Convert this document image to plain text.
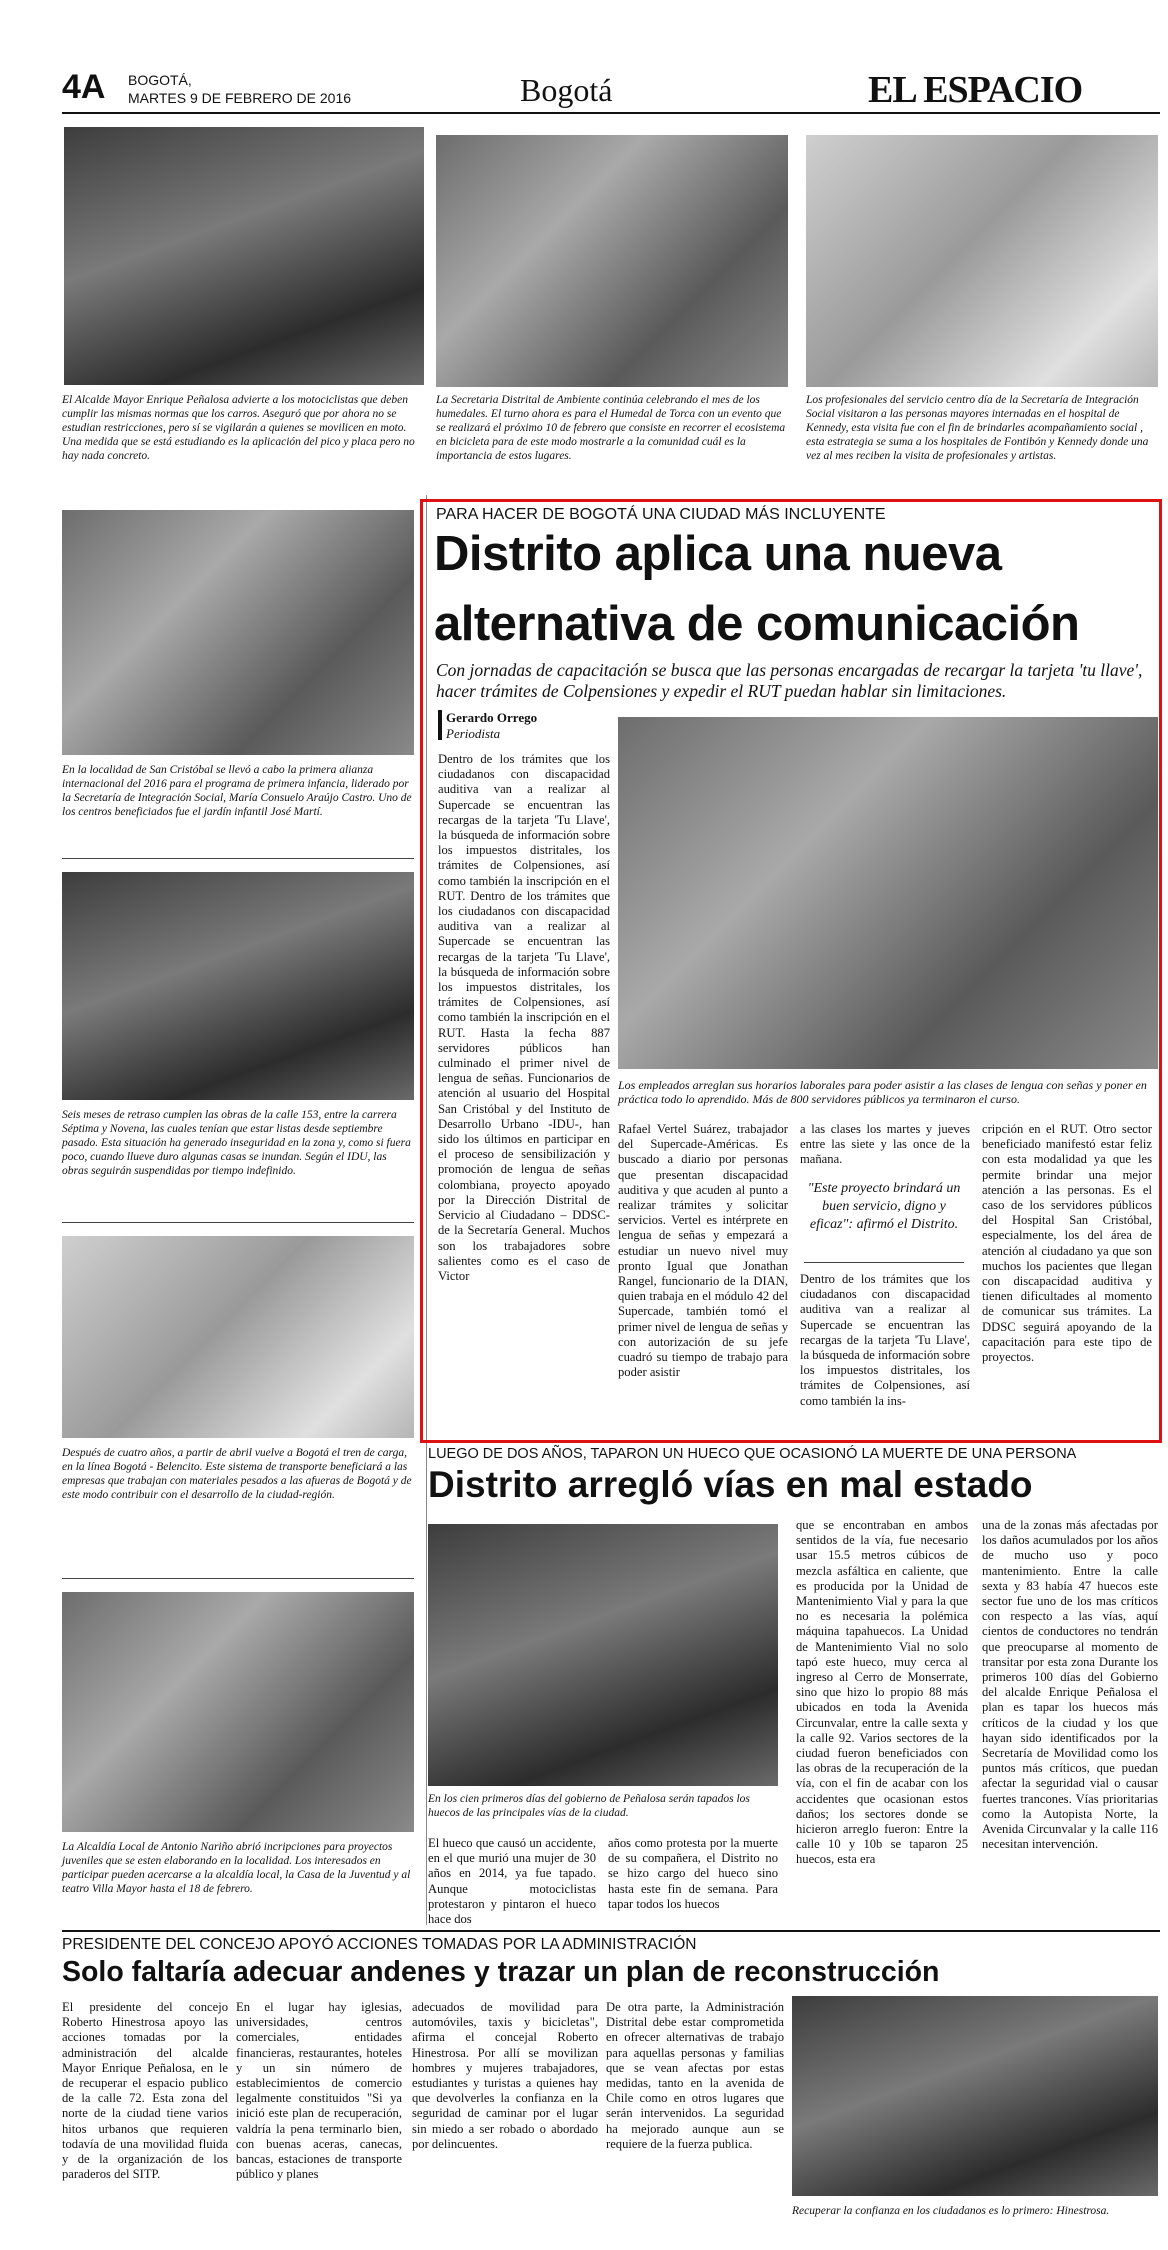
4A BOGOTÁ,
MARTES 9 DE FEBRERO DE 2016	Bogotá	EL ESPACIO

El Alcalde Mayor Enrique Peñalosa advierte a los motociclistas que deben cumplir las mismas normas que los carros. Aseguró que por ahora no se estudian restricciones, pero sí se vigilarán a quienes se movilicen en moto. Una medida que se está estudiando es la aplicación del pico y placa pero no hay nada concreto.

La Secretaria Distrital de Ambiente continúa celebrando el mes de los humedales. El turno ahora es para el Humedal de Torca con un evento que se realizará el próximo 10 de febrero que consiste en recorrer el ecosistema en bicicleta para de este modo mostrarle a la comunidad cuál es la importancia de estos lugares.

Los profesionales del servicio centro día de la Secretaría de Integración Social visitaron a las personas mayores internadas en el hospital de Kennedy, esta visita fue con el fin de brindarles acompañamiento social , esta estrategia se suma a los hospitales de Fontibón y Kennedy donde una vez al mes reciben la visita de profesionales y artistas.

En la localidad de San Cristóbal se llevó a cabo la primera alianza internacional del 2016 para el programa de primera infancia, liderado por la Secretaría de Integración Social, María Consuelo Araújo Castro. Uno de los centros beneficiados fue el jardín infantil José Martí.

Seis meses de retraso cumplen las obras de la calle 153, entre la carrera Séptima y Novena, las cuales tenían que estar listas desde septiembre pasado. Esta situación ha generado inseguridad en la zona y, como si fuera poco, cuando llueve duro algunas casas se inundan. Según el IDU, las obras seguirán suspendidas por tiempo indefinido.

Después de cuatro años, a partir de abril vuelve a Bogotá el tren de carga, en la línea Bogotá - Belencito. Este sistema de transporte beneficiará a las empresas que trabajan con materiales pesados a las afueras de Bogotá y de este modo contribuir con el desarrollo de la ciudad-región.

La Alcaldía Local de Antonio Nariño abrió incripciones para proyectos juveniles que se esten elaborando en la localidad. Los interesados en participar pueden acercarse a la alcaldía local, la Casa de la Juventud y al teatro Villa Mayor hasta el 18 de febrero.

PARA HACER DE BOGOTÁ UNA CIUDAD MÁS INCLUYENTE
Distrito aplica una nueva
alternativa de comunicación

Con jornadas de capacitación se busca que las personas encargadas de recargar la tarjeta 'tu llave', hacer trámites de Colpensiones y expedir el RUT puedan hablar sin limitaciones.

Gerardo Orrego
Periodista

Dentro de los trámites que los ciudadanos con discapacidad auditiva van a realizar al Supercade se encuentran las recargas de la tarjeta 'Tu Llave', la búsqueda de información sobre los impuestos distritales, los trámites de Colpensiones, así como también la inscripción en el RUT. Dentro de los trámites que los ciudadanos con discapacidad auditiva van a realizar al Supercade se encuentran las recargas de la tarjeta 'Tu Llave', la búsqueda de información sobre los impuestos distritales, los trámites de Colpensiones, así como también la inscripción en el RUT. Hasta la fecha 887 servidores públicos han culminado el primer nivel de lengua de señas. Funcionarios de atención al usuario del Hospital San Cristóbal y del Instituto de Desarrollo Urbano -IDU-, han sido los últimos en participar en el proceso de sensibilización y promoción de lengua de señas colombiana, proyecto apoyado por la Dirección Distrital de Servicio al Ciudadano – DDSC- de la Secretaría General. Muchos son los trabajadores sobre salientes como es el caso de Victor

Los empleados arreglan sus horarios laborales para poder asistir a las clases de lengua con señas y poner en práctica todo lo aprendido. Más de 800 servidores públicos ya terminaron el curso.

Rafael Vertel Suárez, trabajador del Supercade-Américas. Es buscado a diario por personas que presentan discapacidad auditiva y que acuden al punto a realizar trámites y solicitar servicios. Vertel es intérprete en lengua de señas y empezará a estudiar un nuevo nivel muy pronto Igual que Jonathan Rangel, funcionario de la DIAN, quien trabaja en el módulo 42 del Supercade, también tomó el primer nivel de lengua de señas y con autorización de su jefe cuadró su tiempo de trabajo para poder asistir

a las clases los martes y jueves entre las siete y las once de la mañana.

"Este proyecto brindará un buen servicio, digno y eficaz": afirmó el Distrito.

Dentro de los trámites que los ciudadanos con discapacidad auditiva van a realizar al Supercade se encuentran las recargas de la tarjeta 'Tu Llave', la búsqueda de información sobre los impuestos distritales, los trámites de Colpensiones, así como también la ins-

cripción en el RUT. Otro sector beneficiado manifestó estar feliz con esta modalidad ya que les permite brindar una mejor atención a las personas. Es el caso de los servidores públicos del Hospital San Cristóbal, especialmente, los del área de atención al ciudadano ya que son muchos los pacientes que llegan con discapacidad auditiva y tienen dificultades al momento de comunicar sus trámites. La DDSC seguirá apoyando de la capacitación para este tipo de proyectos.

LUEGO DE DOS AÑOS, TAPARON UN HUECO QUE OCASIONÓ LA MUERTE DE UNA PERSONA
Distrito arregló vías en mal estado

En los cien primeros días del gobierno de Peñalosa serán tapados los huecos de las principales vías de la ciudad.

El hueco que causó un accidente, en el que murió una mujer de 30 años en 2014, ya fue tapado. Aunque motociclistas protestaron y pintaron el hueco hace dos

años como protesta por la muerte de su compañera, el Distrito no se hizo cargo del hueco sino hasta este fin de semana. Para tapar todos los huecos

que se encontraban en ambos sentidos de la vía, fue necesario usar 15.5 metros cúbicos de mezcla asfáltica en caliente, que es producida por la Unidad de Mantenimiento Vial y para la que no es necesaria la polémica máquina tapahuecos. La Unidad de Mantenimiento Vial no solo tapó este hueco, muy cerca al ingreso al Cerro de Monserrate, sino que hizo lo propio 88 más ubicados en toda la Avenida Circunvalar, entre la calle sexta y la calle 92. Varios sectores de la ciudad fueron beneficiados con las obras de la recuperación de la vía, con el fin de acabar con los accidentes que ocasionan estos daños; los sectores donde se hicieron arreglo fueron: Entre la calle 10 y 10b se taparon 25 huecos, esta era

una de la zonas más afectadas por los daños acumulados por los años de mucho uso y poco mantenimiento. Entre la calle sexta y 83 había 47 huecos este sector fue uno de los mas críticos con respecto a las vías, aquí cientos de conductores no tendrán que preocuparse al momento de transitar por esta zona Durante los primeros 100 días del Gobierno del alcalde Enrique Peñalosa el plan es tapar los huecos más críticos de la ciudad y los que hayan sido identificados por la Secretaría de Movilidad como los puntos más críticos, que puedan afectar la seguridad vial o causar fuertes trancones. Vías prioritarias como la Autopista Norte, la Avenida Circunvalar y la calle 116 necesitan intervención.

PRESIDENTE DEL CONCEJO APOYÓ ACCIONES TOMADAS POR LA ADMINISTRACIÓN
Solo faltaría adecuar andenes y trazar un plan de reconstrucción

El presidente del concejo Roberto Hinestrosa apoyo las acciones tomadas por la administración del alcalde Mayor Enrique Peñalosa, en le de recuperar el espacio publico de la calle 72. Esta zona del norte de la ciudad tiene varios hitos urbanos que requieren todavía de una movilidad fluida y de la organización de los paraderos del SITP.

En el lugar hay iglesias, universidades, centros comerciales, entidades financieras, restaurantes, hoteles y un sin número de establecimientos de comercio legalmente constituidos "Si ya inició este plan de recuperación, valdría la pena terminarlo bien, con buenas aceras, canecas, bancas, estaciones de transporte público y planes

adecuados de movilidad para automóviles, taxis y bicicletas", afirma el concejal Roberto Hinestrosa. Por allí se movilizan hombres y mujeres trabajadores, estudiantes y turistas a quienes hay que devolverles la confianza en la seguridad de caminar por el lugar sin miedo a ser robado o abordado por delincuentes.

De otra parte, la Administración Distrital debe estar comprometida en ofrecer alternativas de trabajo para aquellas personas y familias que se vean afectas por estas medidas, tanto en la avenida de Chile como en otros lugares que serán intervenidos. La seguridad ha mejorado aunque aun se requiere de la fuerza publica.

Recuperar la confianza en los ciudadanos es lo primero: Hinestrosa.
